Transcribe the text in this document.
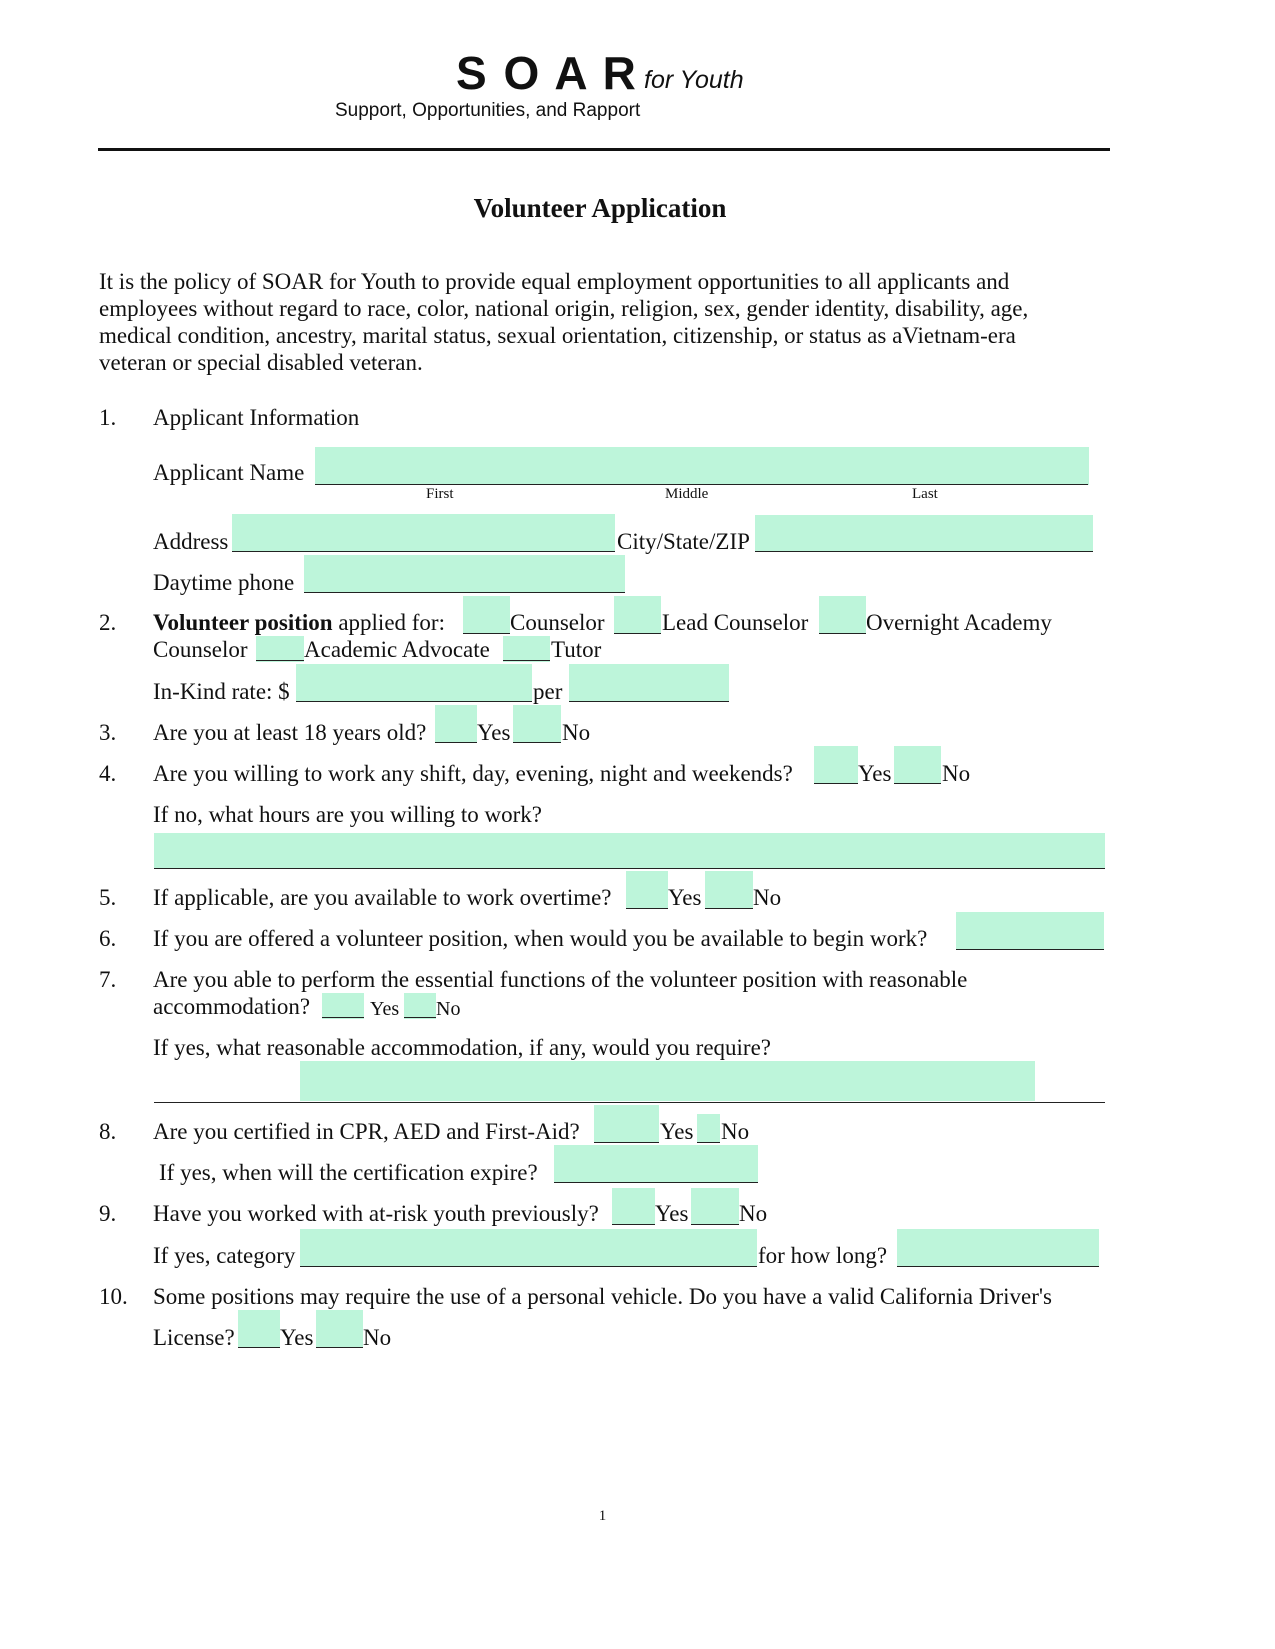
S O A R for Youth
Support, Opportunities, and Rapport
Volunteer Application
It is the policy of SOAR for Youth to provide equal employment opportunities to all applicants and
employees without regard to race, color, national origin, religion, sex, gender identity, disability, age,
medical condition, ancestry, marital status, sexual orientation, citizenship, or status as aVietnam-era
veteran or special disabled veteran.
1. Applicant Information
Applicant Name
First	Middle	Last
Address	City/State/ZIP
Daytime phone
2. Volunteer position applied for:	Counselor Lead Counselor	Overnight Academy
Counselor Academic Advocate	Tutor
In-Kind rate: $	per
3. Are you at least 18 years old? Yes No
4. Are you willing to work any shift, day, evening, night and weekends?	Yes No
If no, what hours are you willing to work?
5. If applicable, are you available to work overtime? Yes No
6. If you are offered a volunteer position, when would you be available to begin work?
7. Are you able to perform the essential functions of the volunteer position with reasonable
accommodation?	Yes No
If yes, what reasonable accommodation, if any, would you require?
8. Are you certified in CPR, AED and First-Aid?	Yes No
If yes, when will the certification expire?
9. Have you worked with at-risk youth previously? Yes No
If yes, category	for how long?
10. Some positions may require the use of a personal vehicle. Do you have a valid California Driver's
License? Yes No
1
